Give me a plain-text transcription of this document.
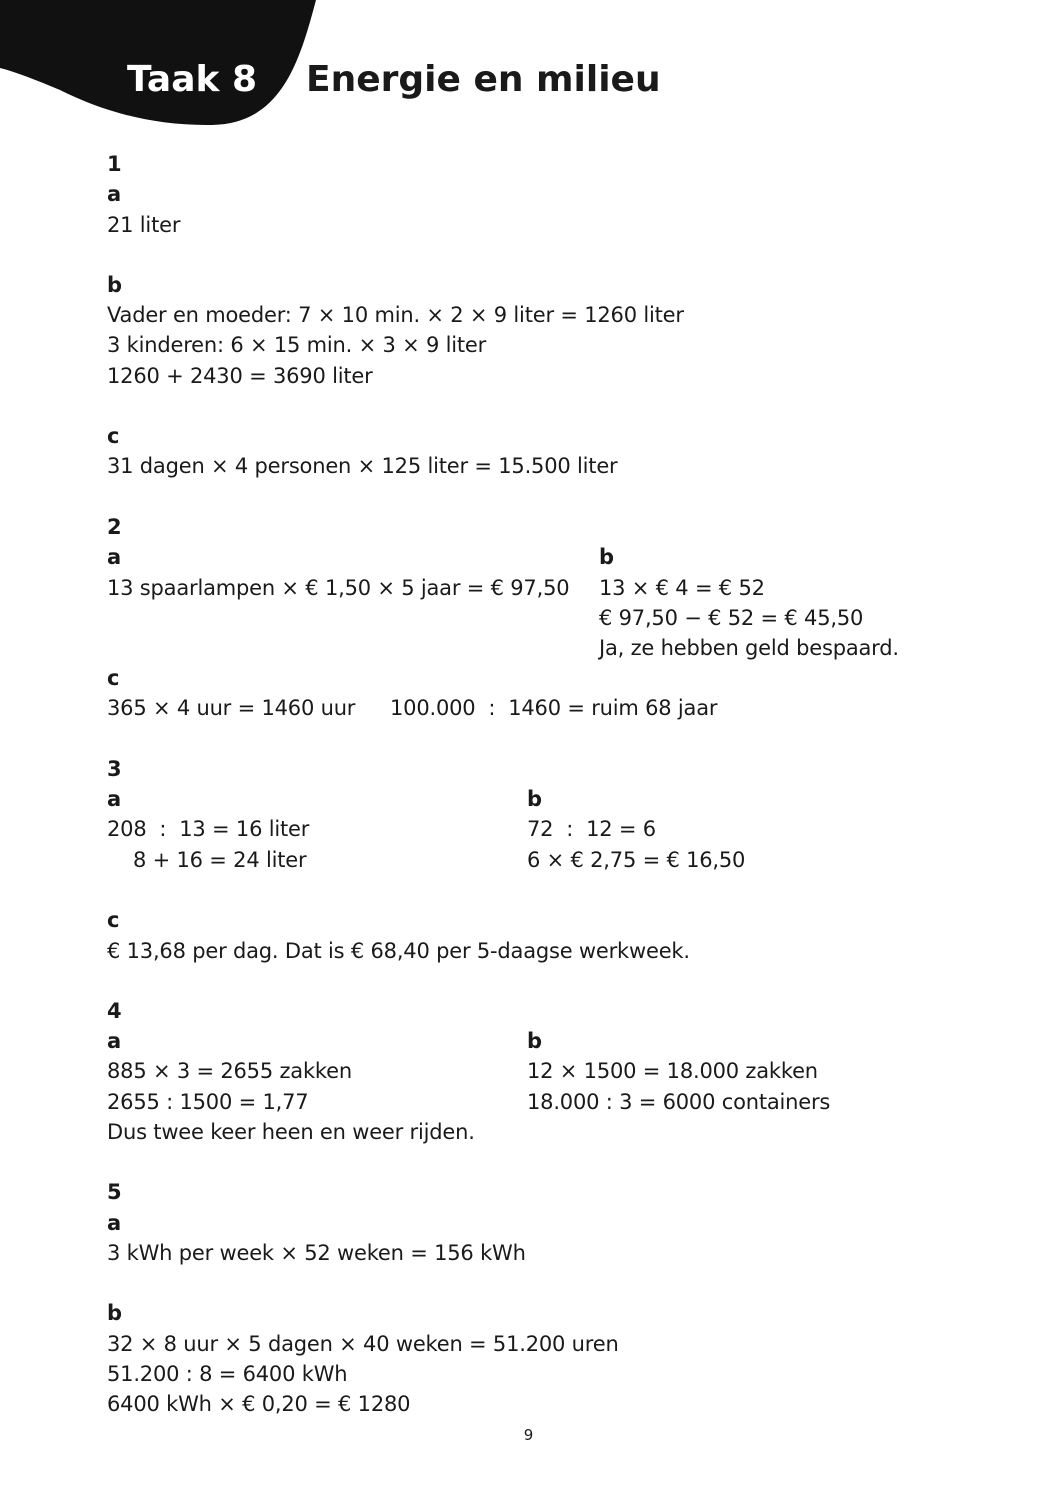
Taak 8 Energie en milieu

1

a

21 liter

b

Vader en moeder: 7 × 10 min. × 2 × 9 liter = 1260 liter

3 kinderen: 6 × 15 min. × 3 × 9 liter

1260 + 2430 = 3690 liter

c

31 dagen × 4 personen × 125 liter = 15.500 liter

2

a

13 spaarlampen × € 1,50 × 5 jaar = € 97,50

b

13 × € 4 = € 52

€ 97,50 − € 52 = € 45,50

Ja, ze hebben geld bespaard.

c

365 × 4 uur = 1460 uur 100.000  :  1460 = ruim 68 jaar

3

a

208  :  13 = 16 liter

8 + 16 = 24 liter

b

72  :  12 = 6

6 × € 2,75 = € 16,50

c

€ 13,68 per dag. Dat is € 68,40 per 5-daagse werkweek.

4

a

885 × 3 = 2655 zakken

2655 : 1500 = 1,77

Dus twee keer heen en weer rijden.

b

12 × 1500 = 18.000 zakken

18.000 : 3 = 6000 containers

5

a

3 kWh per week × 52 weken = 156 kWh

b

32 × 8 uur × 5 dagen × 40 weken = 51.200 uren

51.200 : 8 = 6400 kWh

6400 kWh × € 0,20 = € 1280

9
